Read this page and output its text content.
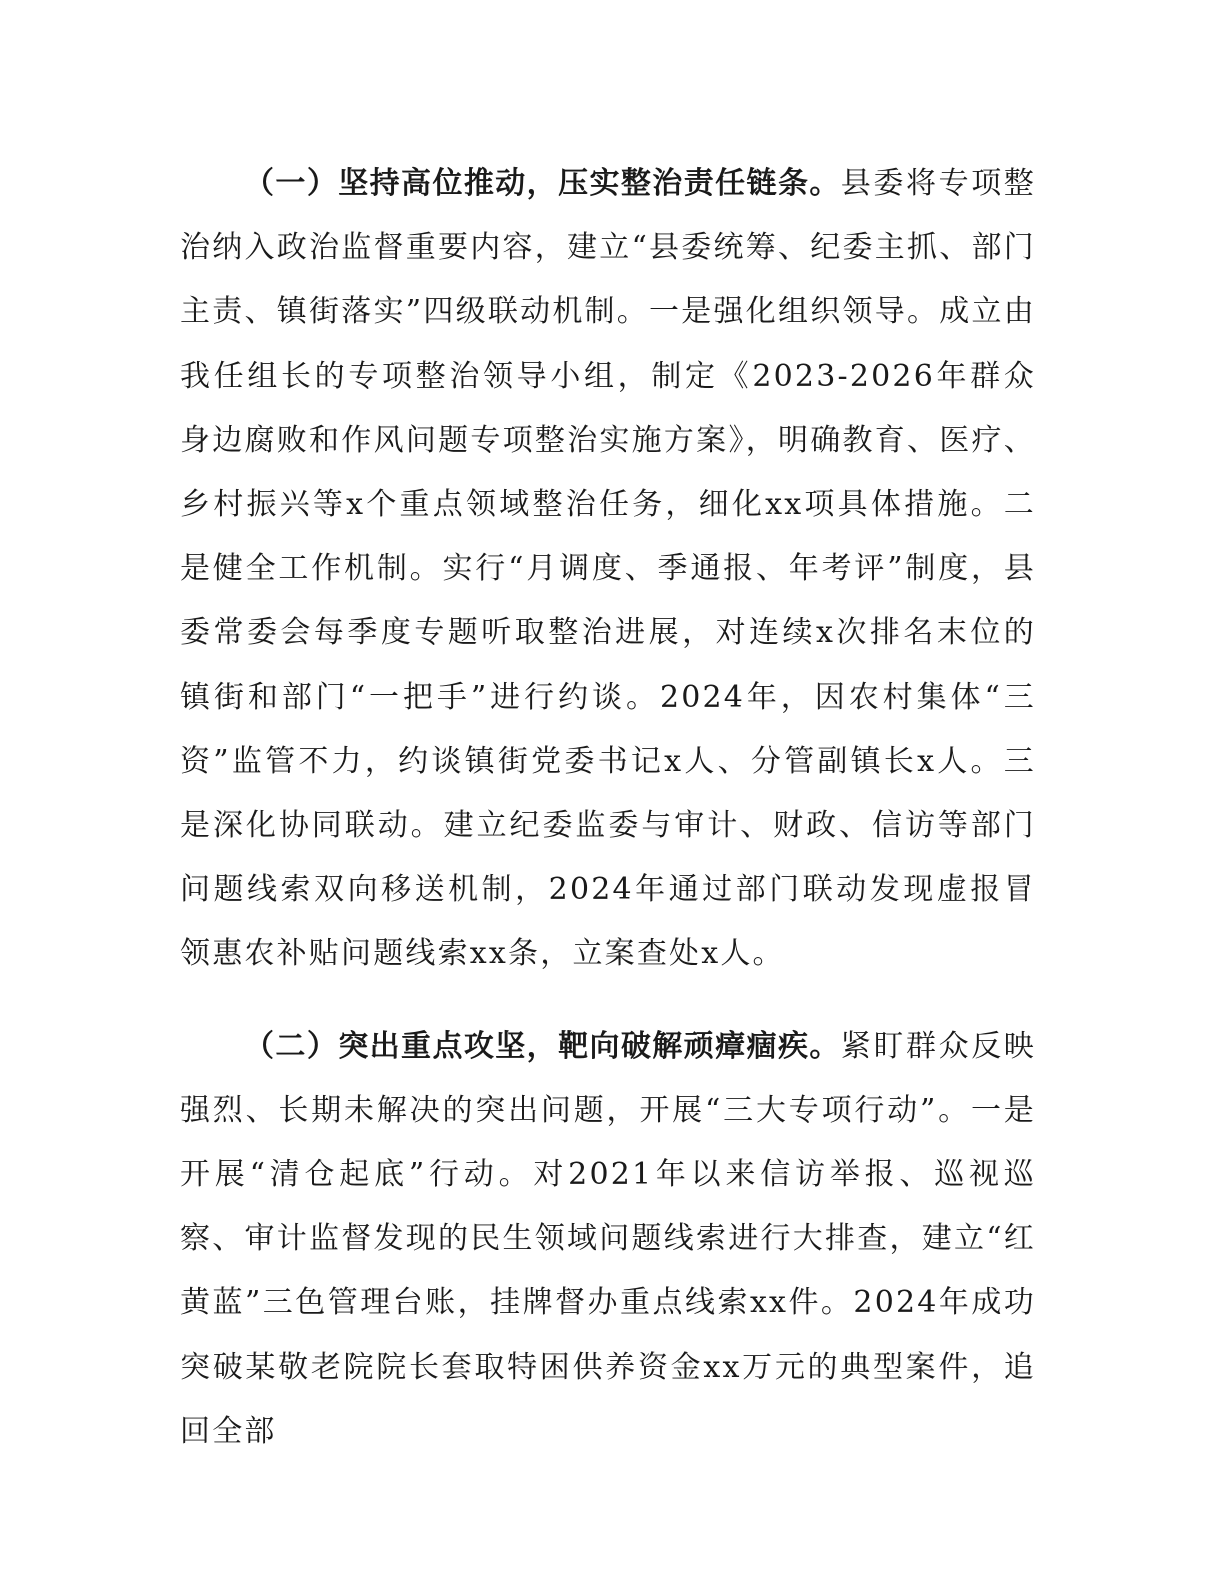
（一）坚持高位推动，压实整治责任链条。县委将专项整治纳入政治监督重要内容，建立“县委统筹、纪委主抓、部门主责、镇街落实”四级联动机制。一是强化组织领导。成立由我任组长的专项整治领导小组，制定《2023-2026年群众身边腐败和作风问题专项整治实施方案》，明确教育、医疗、乡村振兴等x个重点领域整治任务，细化xx项具体措施。二是健全工作机制。实行“月调度、季通报、年考评”制度，县委常委会每季度专题听取整治进展，对连续x次排名末位的镇街和部门“一把手”进行约谈。2024年，因农村集体“三资”监管不力，约谈镇街党委书记x人、分管副镇长x人。三是深化协同联动。建立纪委监委与审计、财政、信访等部门问题线索双向移送机制，2024年通过部门联动发现虚报冒领惠农补贴问题线索xx条，立案查处x人。

（二）突出重点攻坚，靶向破解顽瘴痼疾。紧盯群众反映强烈、长期未解决的突出问题，开展“三大专项行动”。一是开展“清仓起底”行动。对2021年以来信访举报、巡视巡察、审计监督发现的民生领域问题线索进行大排查，建立“红黄蓝”三色管理台账，挂牌督办重点线索xx件。2024年成功突破某敬老院院长套取特困供养资金xx万元的典型案件，追回全部
